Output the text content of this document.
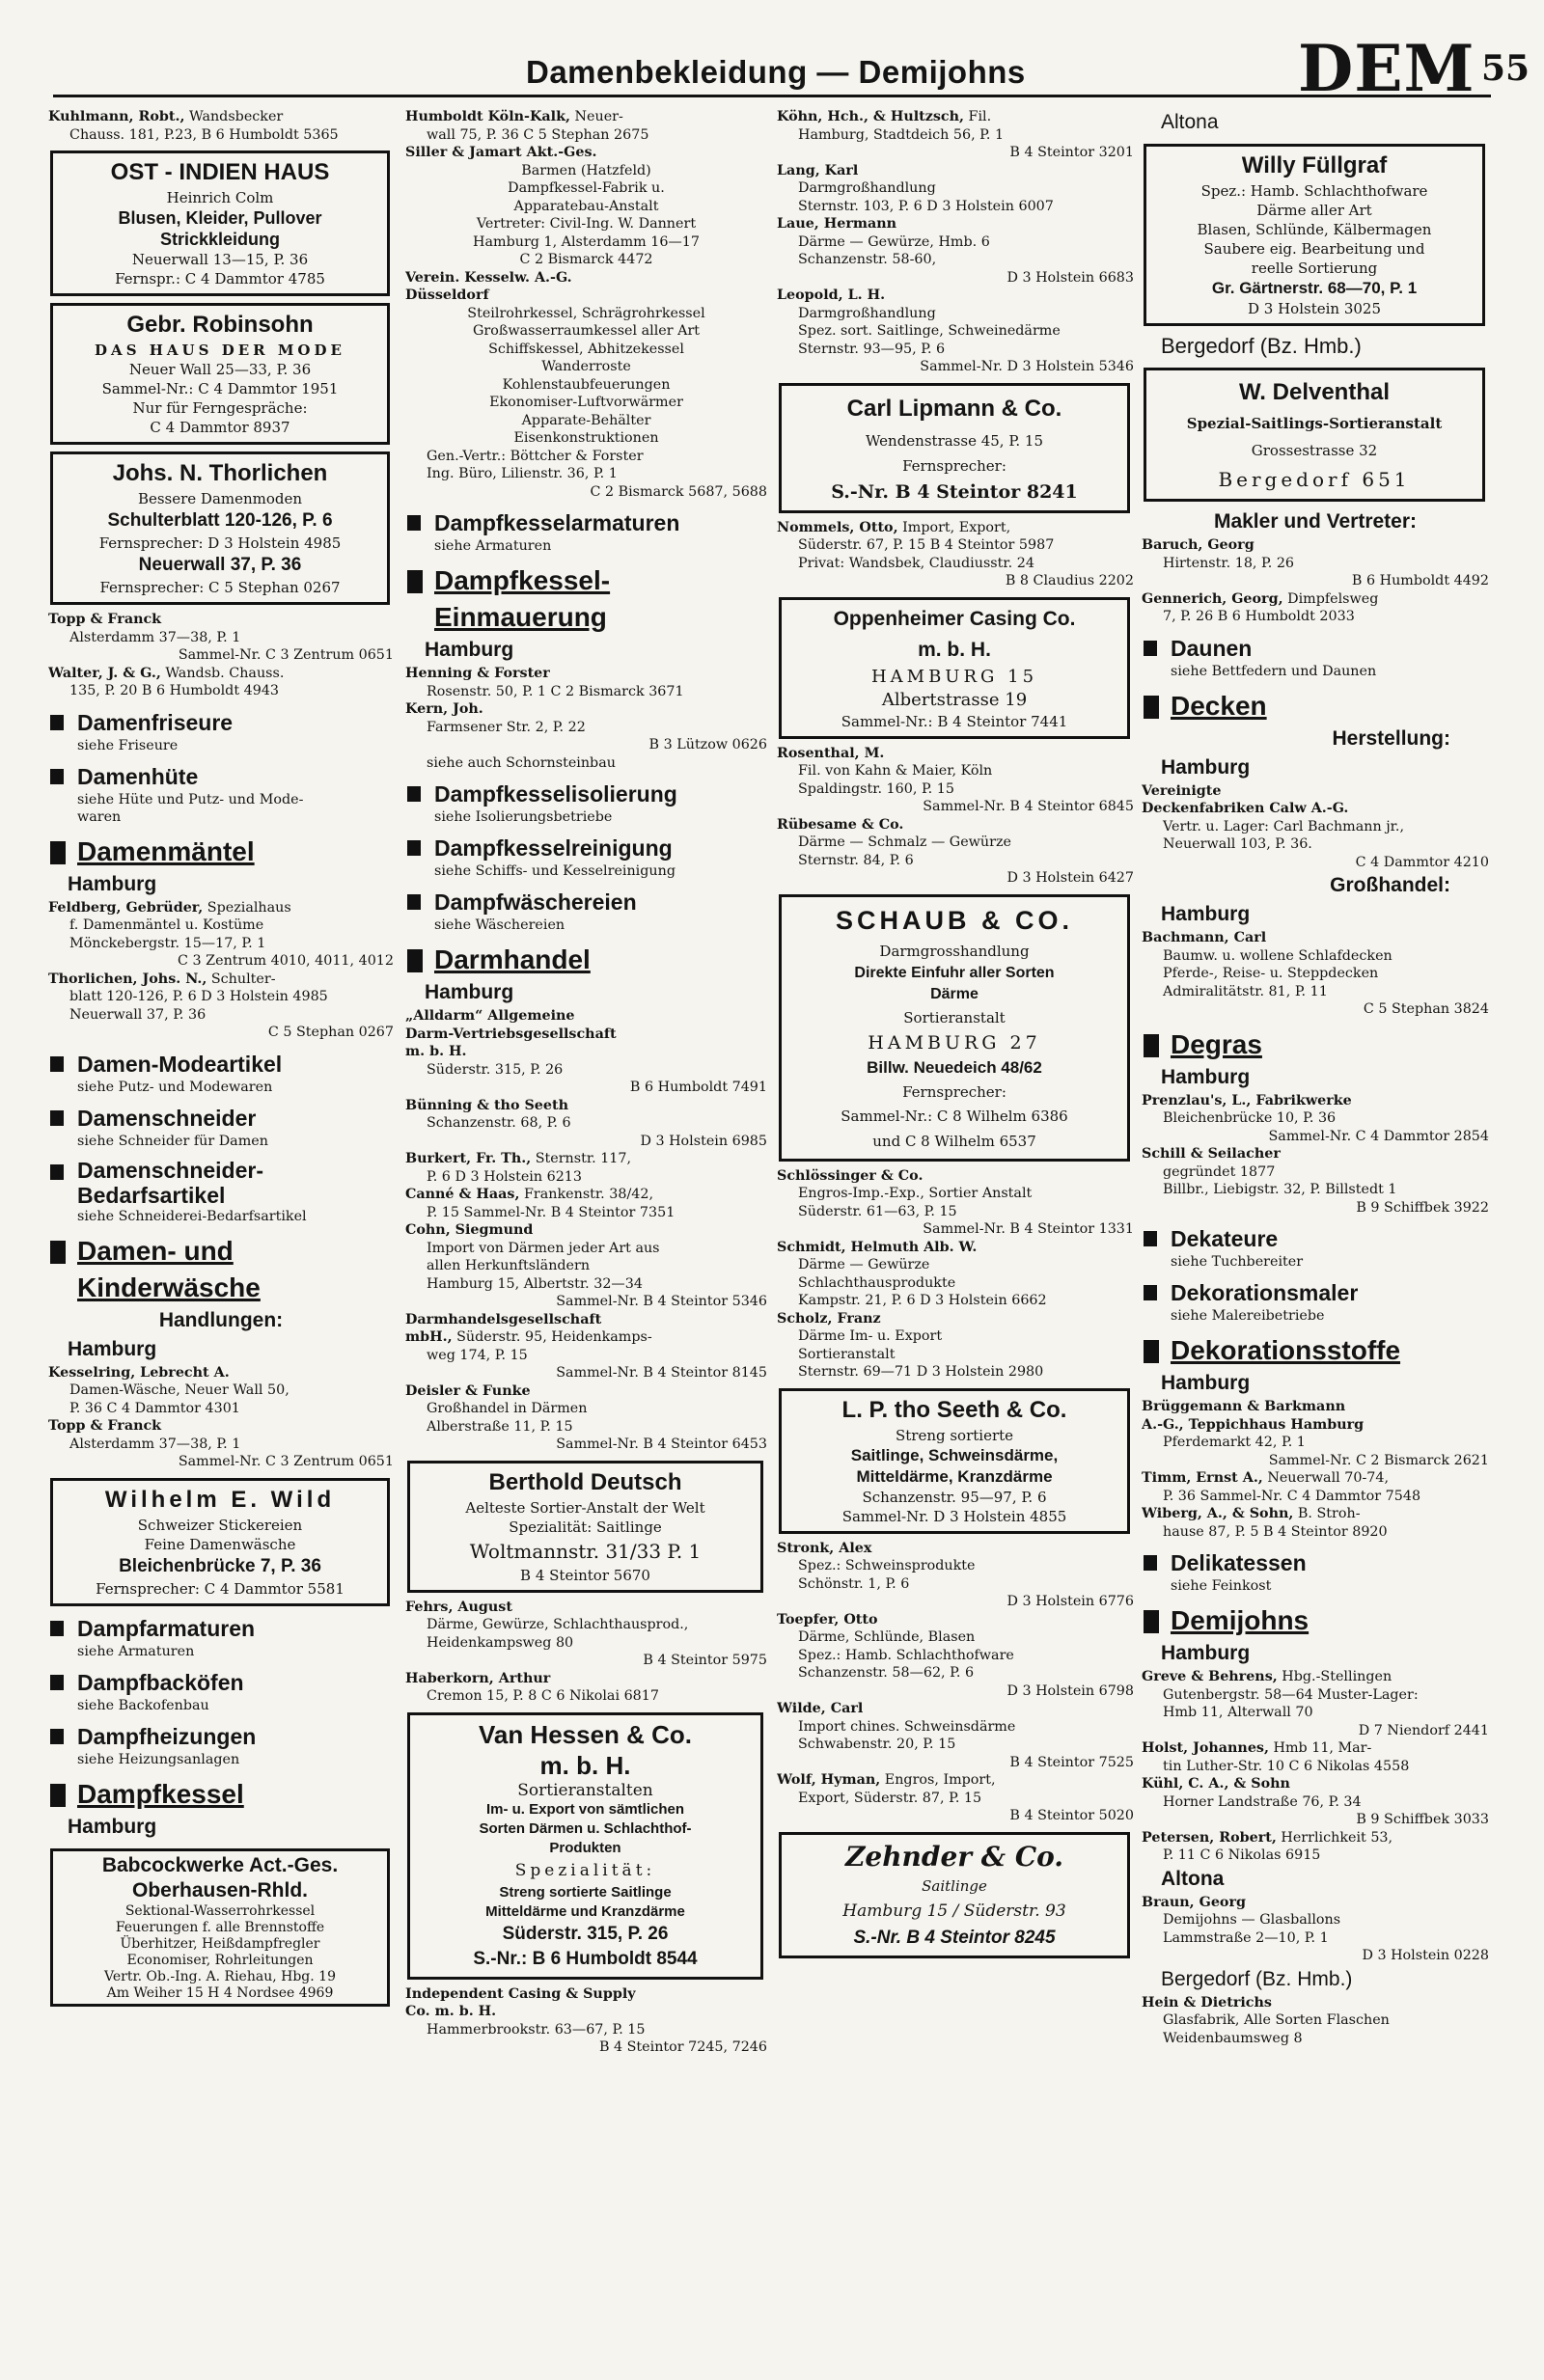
Damenbekleidung — Demijohns	DEM 55
Kuhlmann, Robt., Wandsbecker
Chauss. 181, P.23, B 6 Humboldt 5365
OST - INDIEN HAUS
Heinrich Colm
Blusen, Kleider, Pullover
Strickkleidung
Neuerwall 13—15, P. 36
Fernspr.: C 4 Dammtor 4785
Gebr. Robinsohn
DAS HAUS DER MODE
Neuer Wall 25—33, P. 36
Sammel-Nr.: C 4 Dammtor 1951
Nur für Ferngespräche:
C 4 Dammtor 8937
Johs. N. Thorlichen
Bessere Damenmoden
Schulterblatt 120-126, P. 6
Fernsprecher: D 3 Holstein 4985
Neuerwall 37, P. 36
Fernsprecher: C 5 Stephan 0267
Topp & Franck
Alsterdamm 37—38, P. 1
Sammel-Nr. C 3 Zentrum 0651
Walter, J. & G., Wandsb. Chauss.
135, P. 20 B 6 Humboldt 4943
Damenfriseure
siehe Friseure
Damenhüte
siehe Hüte und Putz- und Mode-
waren
Damenmäntel
Hamburg
Feldberg, Gebrüder, Spezialhaus
f. Damenmäntel u. Kostüme
Mönckebergstr. 15—17, P. 1
C 3 Zentrum 4010, 4011, 4012
Thorlichen, Johs. N., Schulter-
blatt 120-126, P. 6 D 3 Holstein 4985
Neuerwall 37, P. 36
C 5 Stephan 0267
Damen-Modeartikel
siehe Putz- und Modewaren
Damenschneider
siehe Schneider für Damen
Damenschneider-
Bedarfsartikel
siehe Schneiderei-Bedarfsartikel
Damen- und
Kinderwäsche
Handlungen:
Hamburg
Kesselring, Lebrecht A.
Damen-Wäsche, Neuer Wall 50,
P. 36 C 4 Dammtor 4301
Topp & Franck
Alsterdamm 37—38, P. 1
Sammel-Nr. C 3 Zentrum 0651
Wilhelm E. Wild
Schweizer Stickereien
Feine Damenwäsche
Bleichenbrücke 7, P. 36
Fernsprecher: C 4 Dammtor 5581
Dampfarmaturen
siehe Armaturen
Dampfbacköfen
siehe Backofenbau
Dampfheizungen
siehe Heizungsanlagen
Dampfkessel
Hamburg
Babcockwerke Act.-Ges.
Oberhausen-Rhld.
Sektional-Wasserrohrkessel
Feuerungen f. alle Brennstoffe
Überhitzer, Heißdampfregler
Economiser, Rohrleitungen
Vertr. Ob.-Ing. A. Riehau, Hbg. 19
Am Weiher 15 H 4 Nordsee 4969
Humboldt Köln-Kalk, Neuer-
wall 75, P. 36 C 5 Stephan 2675
Siller & Jamart Akt.-Ges.
Barmen (Hatzfeld)
Dampfkessel-Fabrik u.
Apparatebau-Anstalt
Vertreter: Civil-Ing. W. Dannert
Hamburg 1, Alsterdamm 16—17
C 2 Bismarck 4472
Verein. Kesselw. A.-G.
Düsseldorf
Steilrohrkessel, Schrägrohrkessel
Großwasserraumkessel aller Art
Schiffskessel, Abhitzekessel
Wanderroste
Kohlenstaubfeuerungen
Ekonomiser-Luftvorwärmer
Apparate-Behälter
Eisenkonstruktionen
Gen.-Vertr.: Böttcher & Forster
Ing. Büro, Lilienstr. 36, P. 1
C 2 Bismarck 5687, 5688
Dampfkesselarmaturen
siehe Armaturen
Dampfkessel-
Einmauerung
Hamburg
Henning & Forster
Rosenstr. 50, P. 1 C 2 Bismarck 3671
Kern, Joh.
Farmsener Str. 2, P. 22
B 3 Lützow 0626
siehe auch Schornsteinbau
Dampfkesselisolierung
siehe Isolierungsbetriebe
Dampfkesselreinigung
siehe Schiffs- und Kesselreinigung
Dampfwäschereien
siehe Wäschereien
Darmhandel
Hamburg
„Alldarm“ Allgemeine
Darm-Vertriebsgesellschaft
m. b. H.
Süderstr. 315, P. 26
B 6 Humboldt 7491
Bünning & tho Seeth
Schanzenstr. 68, P. 6
D 3 Holstein 6985
Burkert, Fr. Th., Sternstr. 117,
P. 6 D 3 Holstein 6213
Canné & Haas, Frankenstr. 38/42,
P. 15 Sammel-Nr. B 4 Steintor 7351
Cohn, Siegmund
Import von Därmen jeder Art aus
allen Herkunftsländern
Hamburg 15, Albertstr. 32—34
Sammel-Nr. B 4 Steintor 5346
Darmhandelsgesellschaft
mbH., Süderstr. 95, Heidenkamps-
weg 174, P. 15
Sammel-Nr. B 4 Steintor 8145
Deisler & Funke
Großhandel in Därmen
Alberstraße 11, P. 15
Sammel-Nr. B 4 Steintor 6453
Berthold Deutsch
Aelteste Sortier-Anstalt der Welt
Spezialität: Saitlinge
Woltmannstr. 31/33 P. 1
B 4 Steintor 5670
Fehrs, August
Därme, Gewürze, Schlachthausprod.,
Heidenkampsweg 80
B 4 Steintor 5975
Haberkorn, Arthur
Cremon 15, P. 8 C 6 Nikolai 6817
Van Hessen & Co.
m. b. H.
Sortieranstalten
Im- u. Export von sämtlichen
Sorten Därmen u. Schlachthof-
Produkten
Spezialität:
Streng sortierte Saitlinge
Mitteldärme und Kranzdärme
Süderstr. 315, P. 26
S.-Nr.: B 6 Humboldt 8544
Independent Casing & Supply
Co. m. b. H.
Hammerbrookstr. 63—67, P. 15
B 4 Steintor 7245, 7246
Köhn, Hch., & Hultzsch, Fil.
Hamburg, Stadtdeich 56, P. 1
B 4 Steintor 3201
Lang, Karl
Darmgroßhandlung
Sternstr. 103, P. 6 D 3 Holstein 6007
Laue, Hermann
Därme — Gewürze, Hmb. 6
Schanzenstr. 58-60,
D 3 Holstein 6683
Leopold, L. H.
Darmgroßhandlung
Spez. sort. Saitlinge, Schweinedärme
Sternstr. 93—95, P. 6
Sammel-Nr. D 3 Holstein 5346
Carl Lipmann & Co.
Wendenstrasse 45, P. 15
Fernsprecher:
S.-Nr. B 4 Steintor 8241
Nommels, Otto, Import, Export,
Süderstr. 67, P. 15 B 4 Steintor 5987
Privat: Wandsbek, Claudiusstr. 24
B 8 Claudius 2202
Oppenheimer Casing Co.
m. b. H.
HAMBURG 15
Albertstrasse 19
Sammel-Nr.: B 4 Steintor 7441
Rosenthal, M.
Fil. von Kahn & Maier, Köln
Spaldingstr. 160, P. 15
Sammel-Nr. B 4 Steintor 6845
Rübesame & Co.
Därme — Schmalz — Gewürze
Sternstr. 84, P. 6
D 3 Holstein 6427
SCHAUB & CO.
Darmgrosshandlung
Direkte Einfuhr aller Sorten
Därme
Sortieranstalt
HAMBURG 27
Billw. Neuedeich 48/62
Fernsprecher:
Sammel-Nr.: C 8 Wilhelm 6386
und C 8 Wilhelm 6537
Schlössinger & Co.
Engros-Imp.-Exp., Sortier Anstalt
Süderstr. 61—63, P. 15
Sammel-Nr. B 4 Steintor 1331
Schmidt, Helmuth Alb. W.
Därme — Gewürze
Schlachthausprodukte
Kampstr. 21, P. 6 D 3 Holstein 6662
Scholz, Franz
Därme Im- u. Export
Sortieranstalt
Sternstr. 69—71 D 3 Holstein 2980
L. P. tho Seeth & Co.
Streng sortierte
Saitlinge, Schweinsdärme,
Mitteldärme, Kranzdärme
Schanzenstr. 95—97, P. 6
Sammel-Nr. D 3 Holstein 4855
Stronk, Alex
Spez.: Schweinsprodukte
Schönstr. 1, P. 6
D 3 Holstein 6776
Toepfer, Otto
Därme, Schlünde, Blasen
Spez.: Hamb. Schlachthofware
Schanzenstr. 58—62, P. 6
D 3 Holstein 6798
Wilde, Carl
Import chines. Schweinsdärme
Schwabenstr. 20, P. 15
B 4 Steintor 7525
Wolf, Hyman, Engros, Import,
Export, Süderstr. 87, P. 15
B 4 Steintor 5020
Zehnder & Co.
Saitlinge
Hamburg 15 / Süderstr. 93
S.-Nr. B 4 Steintor 8245
Altona
Willy Füllgraf
Spez.: Hamb. Schlachthofware
Därme aller Art
Blasen, Schlünde, Kälbermagen
Saubere eig. Bearbeitung und
reelle Sortierung
Gr. Gärtnerstr. 68—70, P. 1
D 3 Holstein 3025
Bergedorf (Bz. Hmb.)
W. Delventhal
Spezial-Saitlings-Sortieranstalt
Grossestrasse 32
Bergedorf 651
Makler und Vertreter:
Baruch, Georg
Hirtenstr. 18, P. 26
B 6 Humboldt 4492
Gennerich, Georg, Dimpfelsweg
7, P. 26 B 6 Humboldt 2033
Daunen
siehe Bettfedern und Daunen
Decken
Herstellung:
Hamburg
Vereinigte
Deckenfabriken Calw A.-G.
Vertr. u. Lager: Carl Bachmann jr.,
Neuerwall 103, P. 36.
C 4 Dammtor 4210
Großhandel:
Hamburg
Bachmann, Carl
Baumw. u. wollene Schlafdecken
Pferde-, Reise- u. Steppdecken
Admiralitätstr. 81, P. 11
C 5 Stephan 3824
Degras
Hamburg
Prenzlau's, L., Fabrikwerke
Bleichenbrücke 10, P. 36
Sammel-Nr. C 4 Dammtor 2854
Schill & Seilacher
gegründet 1877
Billbr., Liebigstr. 32, P. Billstedt 1
B 9 Schiffbek 3922
Dekateure
siehe Tuchbereiter
Dekorationsmaler
siehe Malereibetriebe
Dekorationsstoffe
Hamburg
Brüggemann & Barkmann
A.-G., Teppichhaus Hamburg
Pferdemarkt 42, P. 1
Sammel-Nr. C 2 Bismarck 2621
Timm, Ernst A., Neuerwall 70-74,
P. 36 Sammel-Nr. C 4 Dammtor 7548
Wiberg, A., & Sohn, B. Stroh-
hause 87, P. 5 B 4 Steintor 8920
Delikatessen
siehe Feinkost
Demijohns
Hamburg
Greve & Behrens, Hbg.-Stellingen
Gutenbergstr. 58—64 Muster-Lager:
Hmb 11, Alterwall 70
D 7 Niendorf 2441
Holst, Johannes, Hmb 11, Mar-
tin Luther-Str. 10 C 6 Nikolas 4558
Kühl, C. A., & Sohn
Horner Landstraße 76, P. 34
B 9 Schiffbek 3033
Petersen, Robert, Herrlichkeit 53,
P. 11 C 6 Nikolas 6915
Altona
Braun, Georg
Demijohns — Glasballons
Lammstraße 2—10, P. 1
D 3 Holstein 0228
Bergedorf (Bz. Hmb.)
Hein & Dietrichs
Glasfabrik, Alle Sorten Flaschen
Weidenbaumsweg 8
